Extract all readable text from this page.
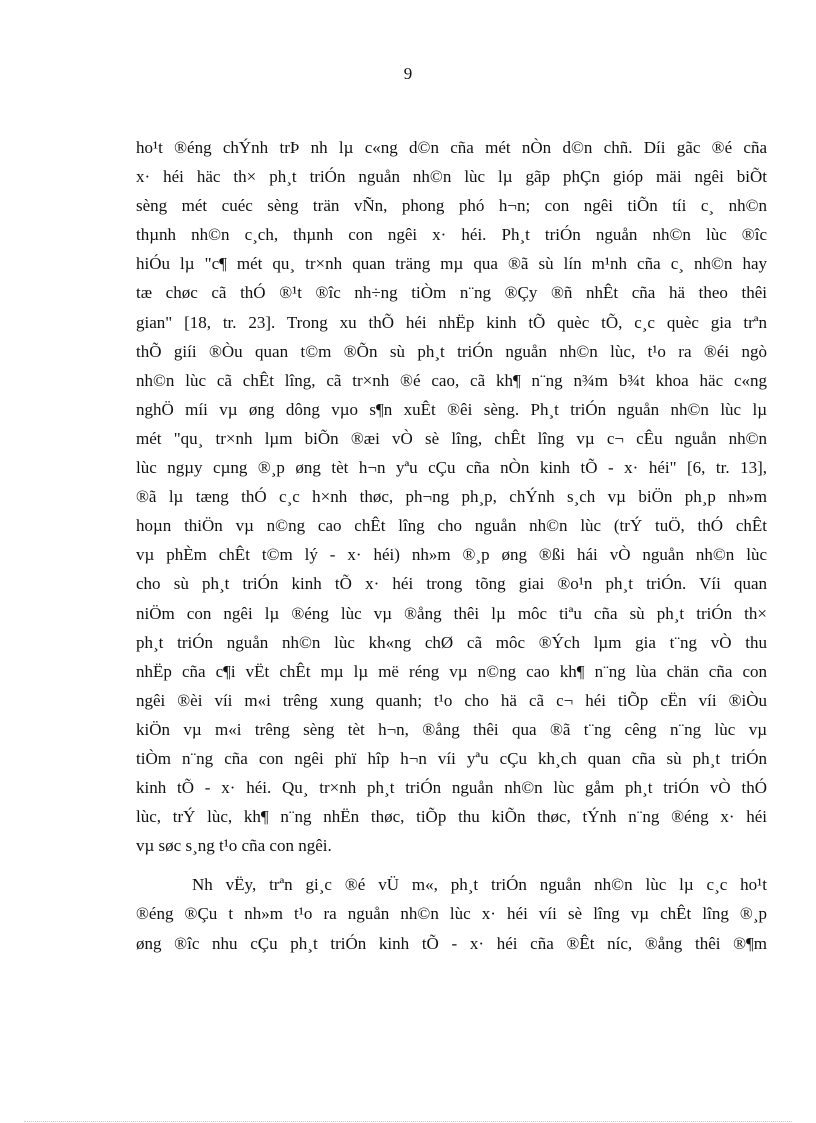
9
ho¹t ®éng chÝnh trÞ nh lµ c«ng d©n cña mét nÒn d©n chñ. Díi gãc ®é cña
x· héi häc th× ph¸t triÓn nguån nh©n lùc lµ gãp phÇn gióp mäi ngêi biÕt
sèng mét cuéc sèng trän vÑn, phong phó h¬n; con ngêi tiÕn tíi c¸ nh©n
thµnh nh©n c¸ch, thµnh con ngêi x· héi. Ph¸t triÓn nguån nh©n lùc ®îc
hiÓu lµ "c¶ mét qu¸ tr×nh quan träng mµ qua ®ã sù lín m¹nh cña c¸ nh©n hay
tæ chøc cã thÓ ®¹t ®îc nh÷ng tiÒm n¨ng ®Çy ®ñ nhÊt cña hä theo thêi
gian" [18, tr. 23]. Trong xu thÕ héi nhËp kinh tÕ quèc tÕ, c¸c quèc gia trªn
thÕ giíi ®Òu quan t©m ®Õn sù ph¸t triÓn nguån nh©n lùc, t¹o ra ®éi ngò
nh©n lùc cã chÊt lîng, cã tr×nh ®é cao, cã kh¶ n¨ng n¾m b¾t khoa häc c«ng
nghÖ míi vµ øng dông vµo s¶n xuÊt ®êi sèng. Ph¸t triÓn nguån nh©n lùc lµ
mét "qu¸ tr×nh lµm biÕn ®æi vÒ sè lîng, chÊt lîng vµ c¬ cÊu nguån nh©n
lùc ngµy cµng ®¸p øng tèt h¬n yªu cÇu cña nÒn kinh tÕ - x· héi" [6, tr. 13],
®ã lµ tæng thÓ c¸c h×nh thøc, ph¬ng ph¸p, chÝnh s¸ch vµ biÖn ph¸p nh»m
hoµn thiÖn vµ n©ng cao chÊt lîng cho nguån nh©n lùc (trÝ tuÖ, thÓ chÊt
vµ phÈm chÊt t©m lý - x· héi) nh»m ®¸p øng ®ßi hái vÒ nguån nh©n lùc
cho sù ph¸t triÓn kinh tÕ x· héi trong tõng giai ®o¹n ph¸t triÓn. Víi quan
niÖm con ngêi lµ ®éng lùc vµ ®ång thêi lµ môc tiªu cña sù ph¸t triÓn th×
ph¸t triÓn nguån nh©n lùc kh«ng chØ cã môc ®Ých lµm gia t¨ng vÒ thu
nhËp cña c¶i vËt chÊt mµ lµ më réng vµ n©ng cao kh¶ n¨ng lùa chän cña con
ngêi ®èi víi m«i trêng xung quanh; t¹o cho hä cã c¬ héi tiÕp cËn víi ®iÒu
kiÖn vµ m«i trêng sèng tèt h¬n, ®ång thêi qua ®ã t¨ng cêng n¨ng lùc vµ
tiÒm n¨ng cña con ngêi phï hîp h¬n víi yªu cÇu kh¸ch quan cña sù ph¸t triÓn
kinh tÕ - x· héi. Qu¸ tr×nh ph¸t triÓn nguån nh©n lùc gåm ph¸t triÓn vÒ thÓ
lùc, trÝ lùc, kh¶ n¨ng nhËn thøc, tiÕp thu kiÕn thøc, tÝnh n¨ng ®éng x· héi
vµ søc s¸ng t¹o cña con ngêi.
Nh vËy, trªn gi¸c ®é vÜ m«, ph¸t triÓn nguån nh©n lùc lµ c¸c ho¹t
®éng ®Çu t nh»m t¹o ra nguån nh©n lùc x· héi víi sè lîng vµ chÊt lîng ®¸p
øng ®îc nhu cÇu ph¸t triÓn kinh tÕ - x· héi cña ®Êt níc, ®ång thêi ®¶m
